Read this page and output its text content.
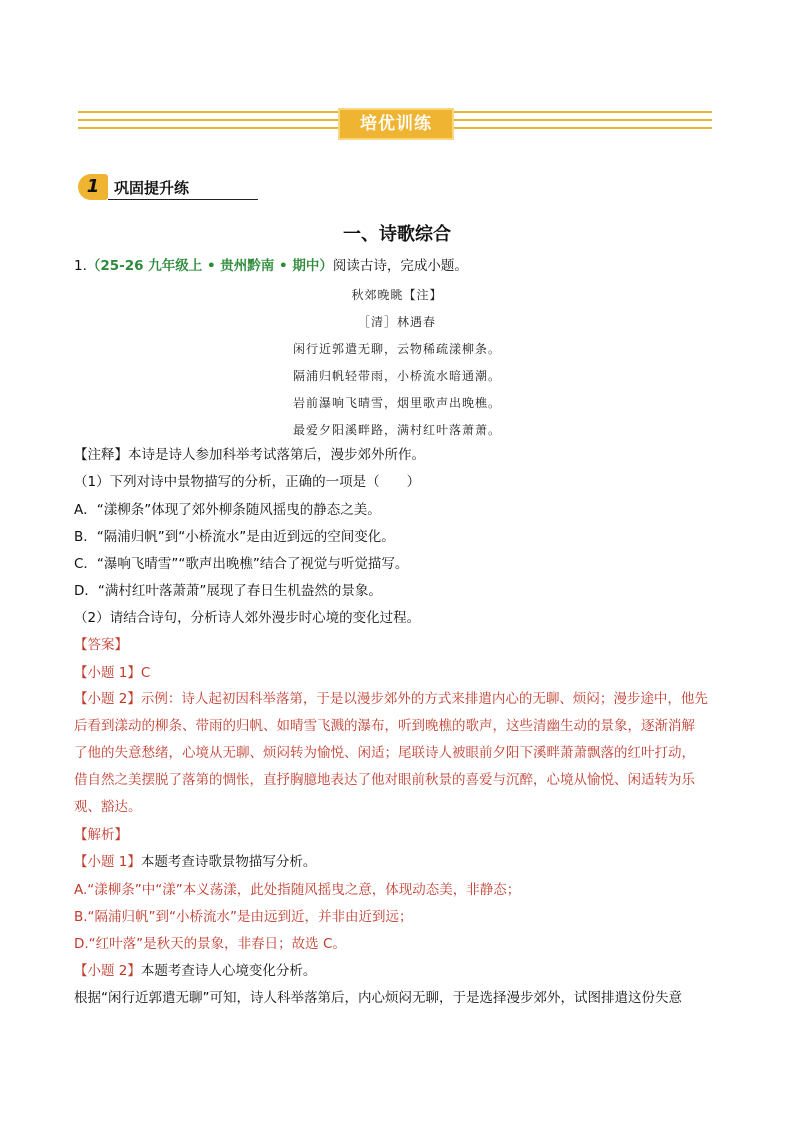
培优训练
1 巩固提升练
一、诗歌综合
1.（25-26 九年级上 • 贵州黔南 • 期中）阅读古诗，完成小题。
秋郊晚眺【注】
［清］林遇春
闲行近郭遣无聊，云物稀疏漾柳条。
隔浦归帆轻带雨，小桥流水暗通潮。
岩前瀑响飞晴雪，烟里歌声出晚樵。
最爱夕阳溪畔路，满村红叶落萧萧。
【注释】本诗是诗人参加科举考试落第后，漫步郊外所作。
（1）下列对诗中景物描写的分析，正确的一项是（　　）
A．“漾柳条”体现了郊外柳条随风摇曳的静态之美。
B．“隔浦归帆”到“小桥流水”是由近到远的空间变化。
C．“瀑响飞晴雪”“歌声出晚樵”结合了视觉与听觉描写。
D．“满村红叶落萧萧”展现了春日生机盎然的景象。
（2）请结合诗句，分析诗人郊外漫步时心境的变化过程。
【答案】
【小题 1】C
【小题 2】示例：诗人起初因科举落第，于是以漫步郊外的方式来排遣内心的无聊、烦闷；漫步途中，他先
后看到漾动的柳条、带雨的归帆、如晴雪飞溅的瀑布，听到晚樵的歌声，这些清幽生动的景象，逐渐消解
了他的失意愁绪，心境从无聊、烦闷转为愉悦、闲适；尾联诗人被眼前夕阳下溪畔萧萧飘落的红叶打动，
借自然之美摆脱了落第的惆怅，直抒胸臆地表达了他对眼前秋景的喜爱与沉醉，心境从愉悦、闲适转为乐
观、豁达。
【解析】
【小题 1】本题考查诗歌景物描写分析。
A.“漾柳条”中“漾”本义荡漾，此处指随风摇曳之意，体现动态美，非静态；
B.“隔浦归帆”到“小桥流水”是由远到近，并非由近到远；
D.“红叶落”是秋天的景象，非春日；故选 C。
【小题 2】本题考查诗人心境变化分析。
根据“闲行近郭遣无聊”可知，诗人科举落第后，内心烦闷无聊，于是选择漫步郊外，试图排遣这份失意
